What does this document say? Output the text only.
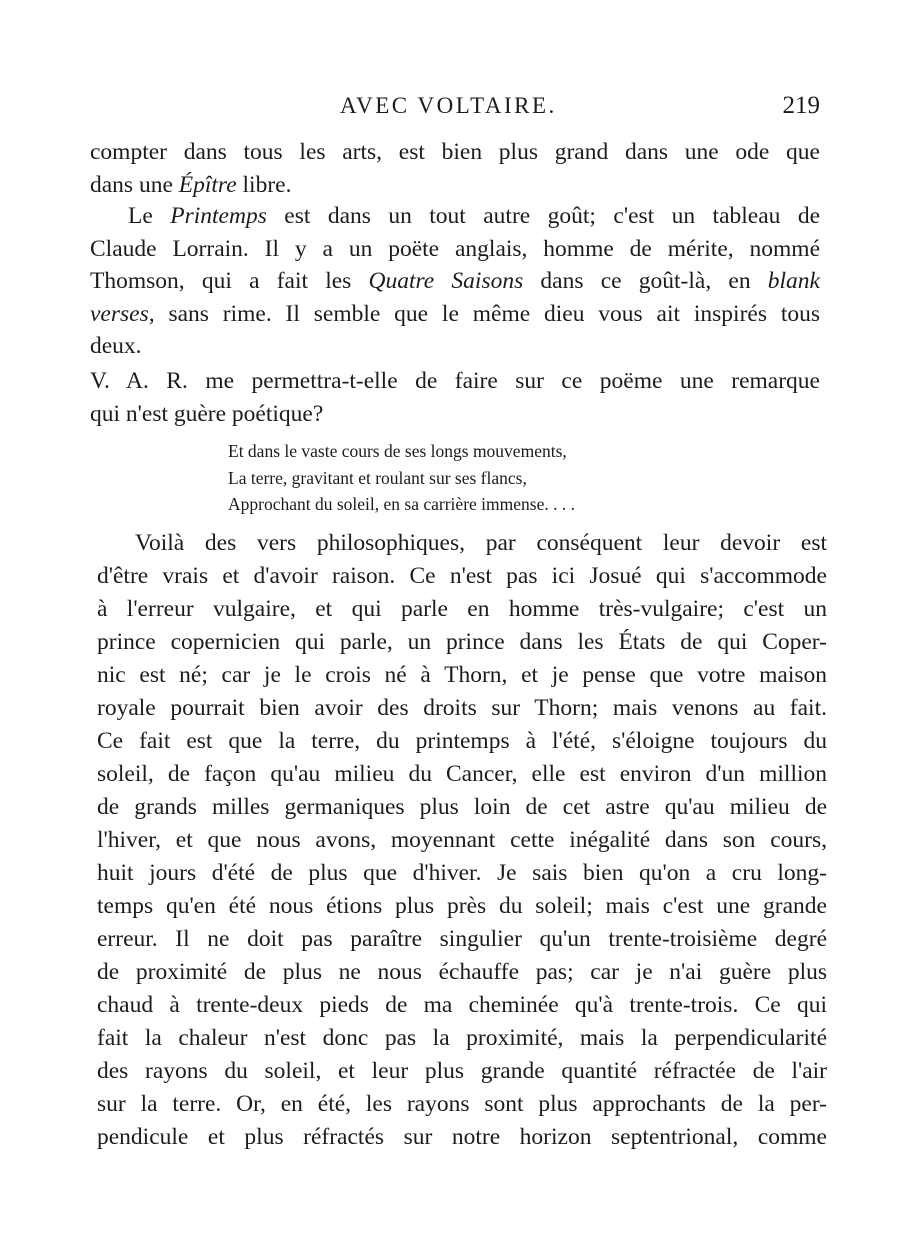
AVEC VOLTAIRE.	219
compter dans tous les arts, est bien plus grand dans une ode que
dans une Épître libre.
Le Printemps est dans un tout autre goût; c'est un tableau de
Claude Lorrain. Il y a un poëte anglais, homme de mérite, nommé
Thomson, qui a fait les Quatre Saisons dans ce goût-là, en blank
verses, sans rime. Il semble que le même dieu vous ait inspirés tous
deux.
V. A. R. me permettra-t-elle de faire sur ce poëme une remarque
qui n'est guère poétique?
Et dans le vaste cours de ses longs mouvements,
La terre, gravitant et roulant sur ses flancs,
Approchant du soleil, en sa carrière immense. . . .
Voilà des vers philosophiques, par conséquent leur devoir est
d'être vrais et d'avoir raison. Ce n'est pas ici Josué qui s'accommode
à l'erreur vulgaire, et qui parle en homme très-vulgaire; c'est un
prince copernicien qui parle, un prince dans les États de qui Coper-
nic est né; car je le crois né à Thorn, et je pense que votre maison
royale pourrait bien avoir des droits sur Thorn; mais venons au fait.
Ce fait est que la terre, du printemps à l'été, s'éloigne toujours du
soleil, de façon qu'au milieu du Cancer, elle est environ d'un million
de grands milles germaniques plus loin de cet astre qu'au milieu de
l'hiver, et que nous avons, moyennant cette inégalité dans son cours,
huit jours d'été de plus que d'hiver. Je sais bien qu'on a cru long-
temps qu'en été nous étions plus près du soleil; mais c'est une grande
erreur. Il ne doit pas paraître singulier qu'un trente-troisième degré
de proximité de plus ne nous échauffe pas; car je n'ai guère plus
chaud à trente-deux pieds de ma cheminée qu'à trente-trois. Ce qui
fait la chaleur n'est donc pas la proximité, mais la perpendicularité
des rayons du soleil, et leur plus grande quantité réfractée de l'air
sur la terre. Or, en été, les rayons sont plus approchants de la per-
pendicule et plus réfractés sur notre horizon septentrional, comme
